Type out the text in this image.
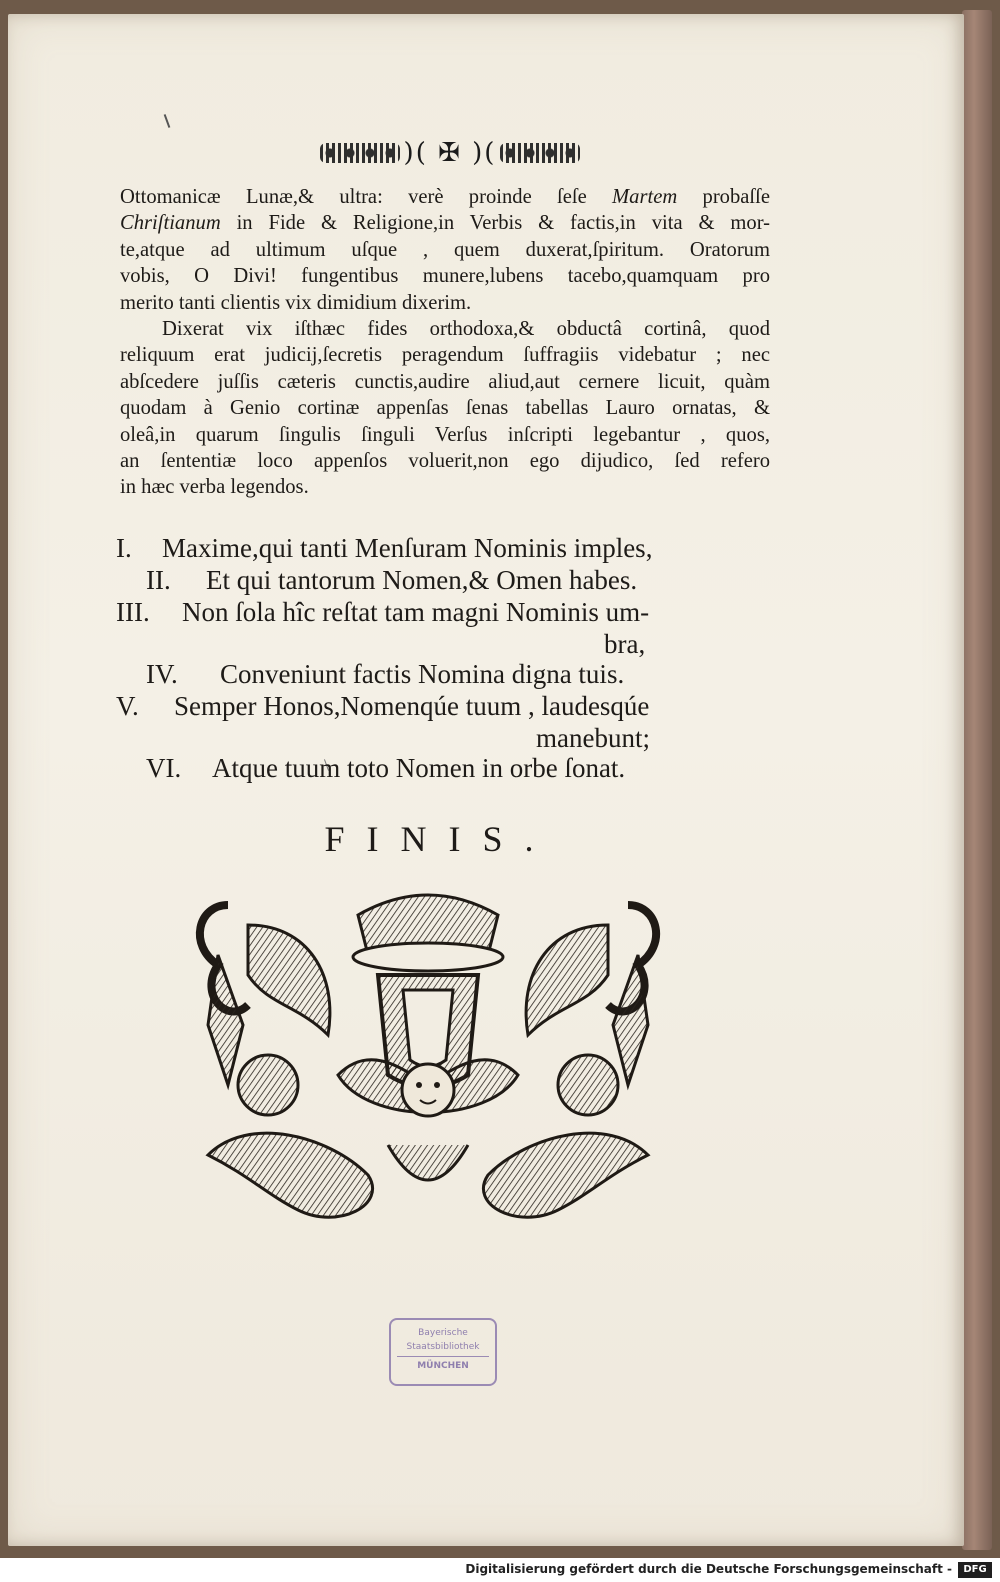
)( ✠ )(

Ottomanicæ Lunæ,& ultra: verè proinde ſeſe Martem probaſſe
Chriſtianum in Fide & Religione,in Verbis & factis,in vita & mor-
te,atque ad ultimum uſque , quem duxerat,ſpiritum. Oratorum
vobis, O Divi! fungentibus munere,lubens tacebo,quamquam pro
merito tanti clientis vix dimidium dixerim.

Dixerat vix iſthæc fides orthodoxa,& obductâ cortinâ, quod
reliquum erat judicij,ſecretis peragendum ſuffragiis videbatur ; nec
abſcedere juſſis cæteris cunctis,audire aliud,aut cernere licuit, quàm
quodam à Genio cortinæ appenſas ſenas tabellas Lauro ornatas, &
oleâ,in quarum ſingulis ſinguli Verſus inſcripti legebantur , quos,
an ſententiæ loco appenſos voluerit,non ego dijudico, ſed refero
in hæc verba legendos.

I. Maxime,qui tanti Menſuram Nominis imples,
II. Et qui tantorum Nomen,& Omen habes.
III. Non ſola hîc reſtat tam magni Nominis um-
bra,
IV. Conveniunt factis Nomina digna tuis.
V. Semper Honos,Nomenqúe tuum , laudesqúe
manebunt;
VI. Atque tuum toto Nomen in orbe ſonat.
FINIS.
Bayerische
Staatsbibliothek
MÜNCHEN
Digitalisierung gefördert durch die Deutsche Forschungsgemeinschaft -	DFG
